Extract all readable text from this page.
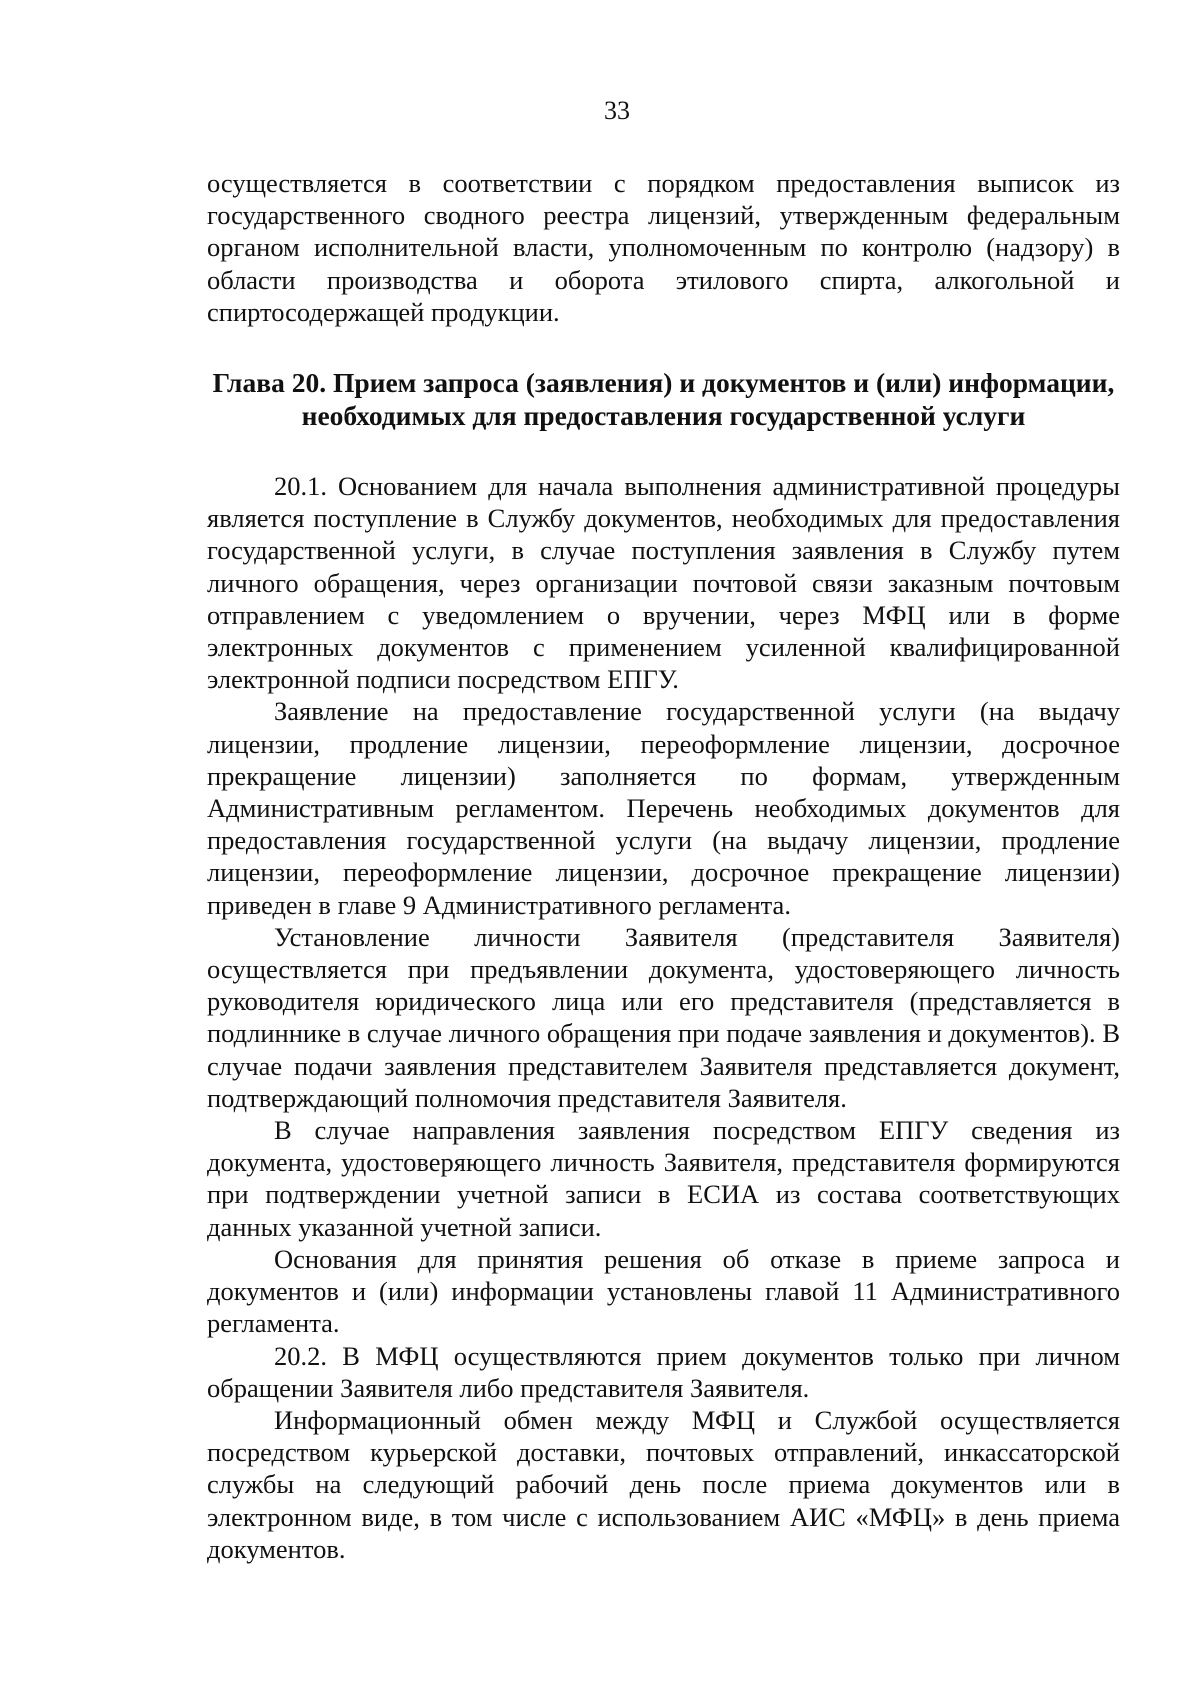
33

осуществляется в соответствии с порядком предоставления выписок из государственного сводного реестра лицензий, утвержденным федеральным органом исполнительной власти, уполномоченным по контролю (надзору) в области производства и оборота этилового спирта, алкогольной и спиртосодержащей продукции.

Глава 20. Прием запроса (заявления) и документов и (или) информации,
необходимых для предоставления государственной услуги

20.1. Основанием для начала выполнения административной процедуры является поступление в Службу документов, необходимых для предоставления государственной услуги, в случае поступления заявления в Службу путем личного обращения, через организации почтовой связи заказным почтовым отправлением с уведомлением о вручении, через МФЦ или в форме электронных документов с применением усиленной квалифицированной электронной подписи посредством ЕПГУ.

Заявление на предоставление государственной услуги (на выдачу лицензии, продление лицензии, переоформление лицензии, досрочное прекращение лицензии) заполняется по формам, утвержденным Административным регламентом. Перечень необходимых документов для предоставления государственной услуги (на выдачу лицензии, продление лицензии, переоформление лицензии, досрочное прекращение лицензии) приведен в главе 9 Административного регламента.

Установление личности Заявителя (представителя Заявителя) осуществляется при предъявлении документа, удостоверяющего личность руководителя юридического лица или его представителя (представляется в подлиннике в случае личного обращения при подаче заявления и документов). В случае подачи заявления представителем Заявителя представляется документ, подтверждающий полномочия представителя Заявителя.

В случае направления заявления посредством ЕПГУ сведения из документа, удостоверяющего личность Заявителя, представителя формируются при подтверждении учетной записи в ЕСИА из состава соответствующих данных указанной учетной записи.

Основания для принятия решения об отказе в приеме запроса и документов и (или) информации установлены главой 11 Административного регламента.

20.2. В МФЦ осуществляются прием документов только при личном обращении Заявителя либо представителя Заявителя.

Информационный обмен между МФЦ и Службой осуществляется посредством курьерской доставки, почтовых отправлений, инкассаторской службы на следующий рабочий день после приема документов или в электронном виде, в том числе с использованием АИС «МФЦ» в день приема документов.
